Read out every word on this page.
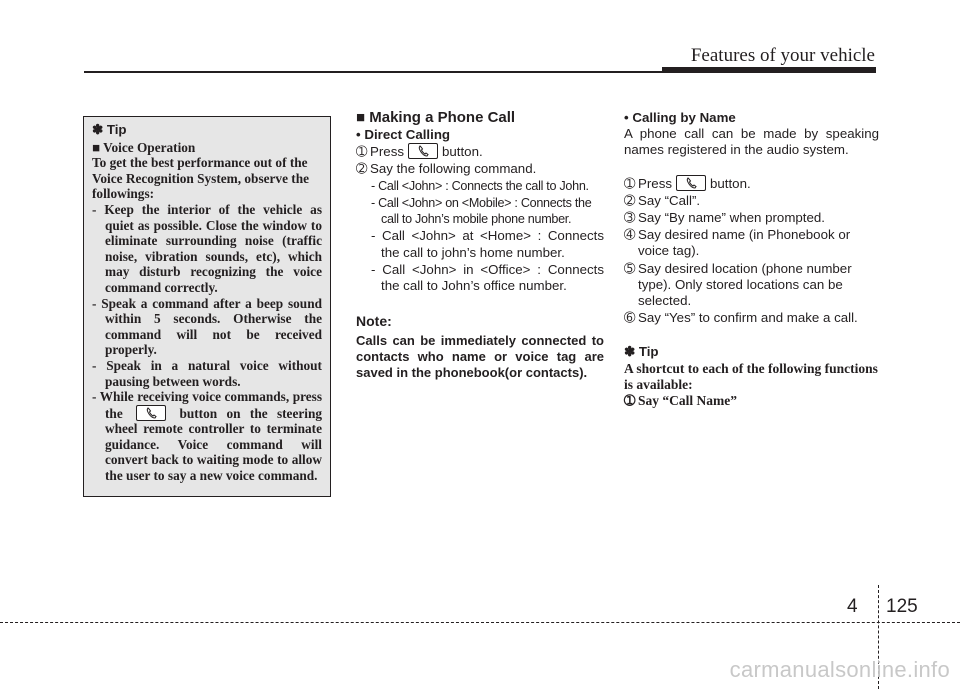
Features of your vehicle
✽ Tip
■ Voice Operation
To get the best performance out of the Voice Recognition System, observe the followings:
- Keep the interior of the vehicle as quiet as possible. Close the window to eliminate surrounding noise (traffic noise, vibration sounds, etc), which may disturb recognizing the voice command correctly.
- Speak a command after a beep sound within 5 seconds. Otherwise the command will not be received properly.
- Speak in a natural voice without pausing between words.
- While receiving voice commands, press the	button on the steering wheel remote controller to terminate guidance. Voice command will convert back to waiting mode to allow the user to say a new voice command.
■ Making a Phone Call
• Direct Calling
➀ Press	button.
➁ Say the following command.
- Call <John> : Connects the call to John.
- Call <John> on <Mobile> : Connects the call to John’s mobile phone number.
- Call <John> at <Home> : Connects the call to john’s home number.
- Call <John> in <Office> : Connects the call to John’s office number.
Note:
Calls can be immediately connected to contacts who name or voice tag are saved in the phonebook(or contacts).
• Calling by Name
A phone call can be made by speaking names registered in the audio system.
➀ Press	button.
➁ Say “Call”.
➂ Say “By name” when prompted.
➃ Say desired name (in Phonebook or voice tag).
➄ Say desired location (phone number type). Only stored locations can be selected.
➅ Say “Yes” to confirm and make a call.
✽ Tip
A shortcut to each of the following functions is available:
➀ Say “Call Name”
4 125
carmanualsonline.info
